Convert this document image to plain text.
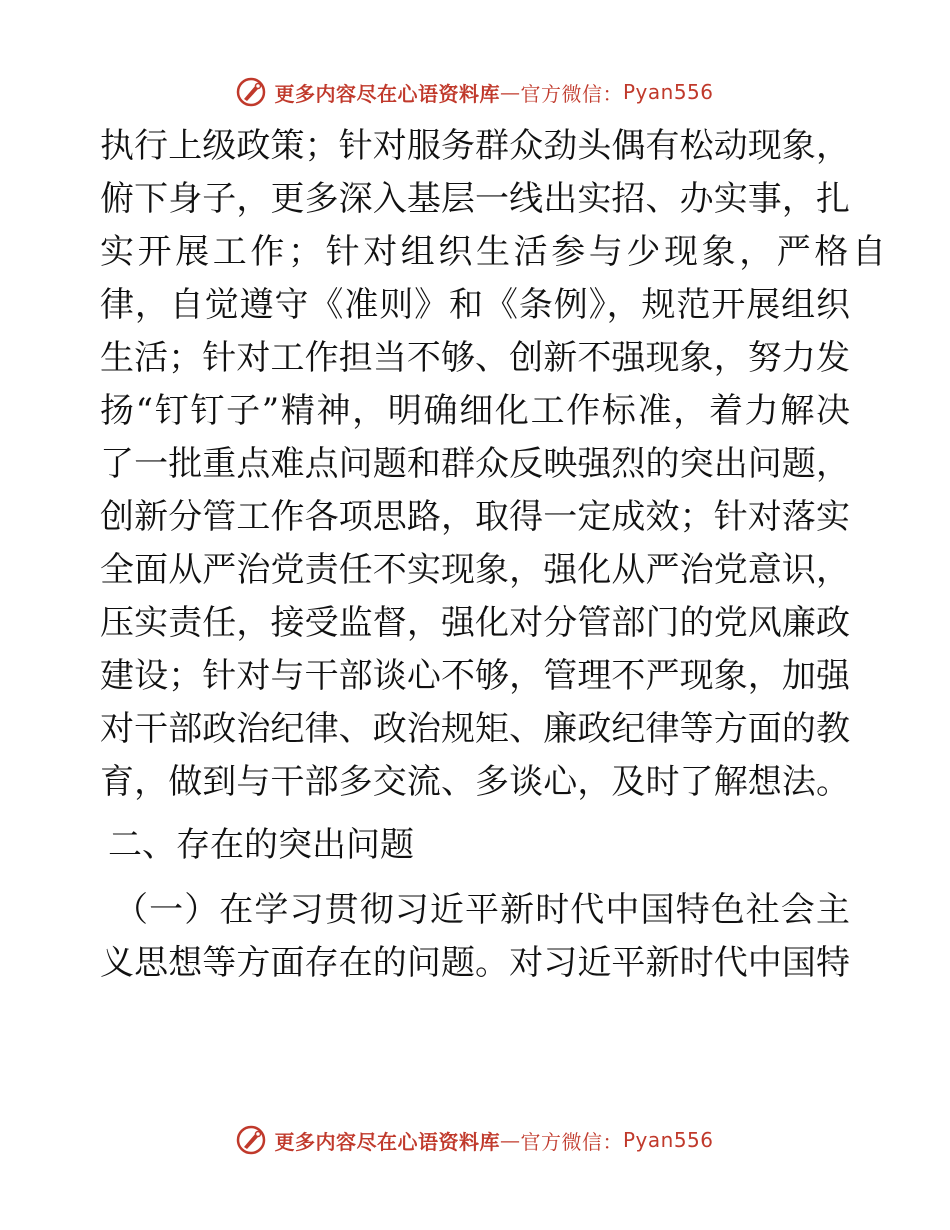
更多内容尽在心语资料库 — 官方微信： Pyan556
执行上级政策；针对服务群众劲头偶有松动现象，
俯下身子，更多深入基层一线出实招、办实事，扎
实开展工作；针对组织生活参与少现象，严格自
律，自觉遵守《准则》和《条例》，规范开展组织
生活；针对工作担当不够、创新不强现象，努力发
扬“钉钉子”精神，明确细化工作标准，着力解决
了一批重点难点问题和群众反映强烈的突出问题，
创新分管工作各项思路，取得一定成效；针对落实
全面从严治党责任不实现象，强化从严治党意识，
压实责任，接受监督，强化对分管部门的党风廉政
建设；针对与干部谈心不够，管理不严现象，加强
对干部政治纪律、政治规矩、廉政纪律等方面的教
育，做到与干部多交流、多谈心，及时了解想法。
二、存在的突出问题
（一）在学习贯彻习近平新时代中国特色社会主
义思想等方面存在的问题。对习近平新时代中国特
更多内容尽在心语资料库 — 官方微信： Pyan556
